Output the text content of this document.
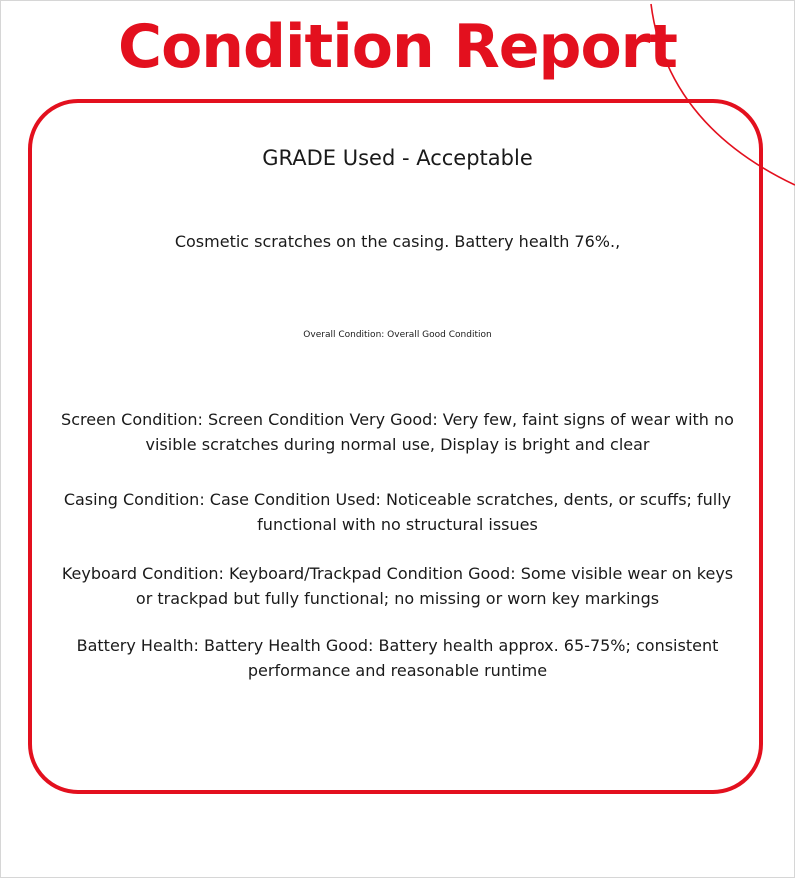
Condition Report
GRADE Used - Acceptable
Cosmetic scratches on the casing. Battery health 76%.,
Overall Condition: Overall Good Condition
Screen Condition: Screen Condition Very Good: Very few, faint signs of wear with no visible scratches during normal use, Display is bright and clear
Casing Condition: Case Condition Used: Noticeable scratches, dents, or scuffs; fully functional with no structural issues
Keyboard Condition: Keyboard/Trackpad Condition Good: Some visible wear on keys or trackpad but fully functional; no missing or worn key markings
Battery Health: Battery Health Good: Battery health approx. 65-75%; consistent performance and reasonable runtime
